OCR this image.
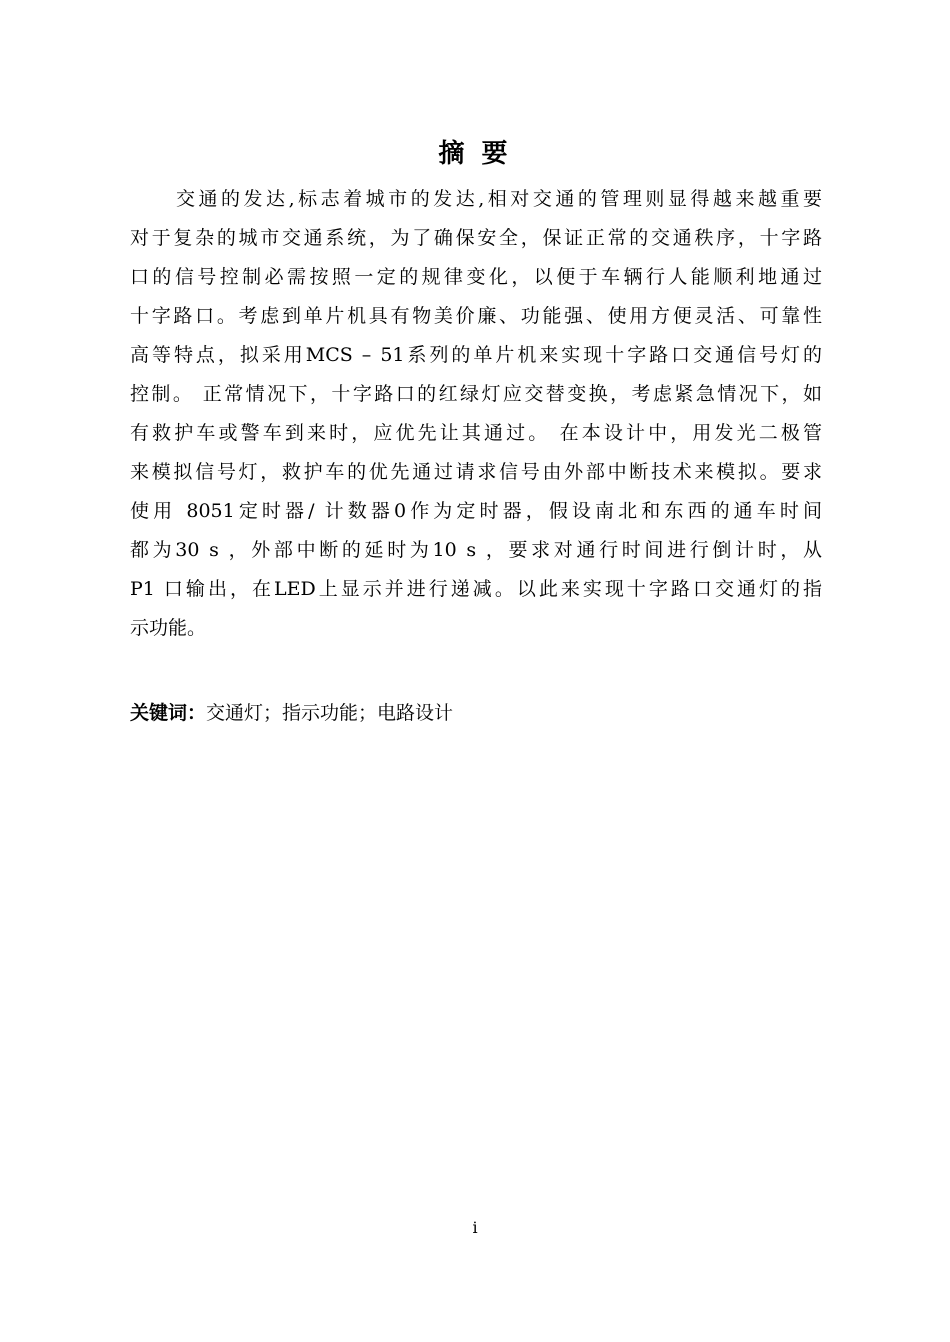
摘 要
交通的发达,标志着城市的发达,相对交通的管理则显得越来越重要
对于复杂的城市交通系统，为了确保安全，保证正常的交通秩序，十字路
口的信号控制必需按照一定的规律变化，以便于车辆行人能顺利地通过
十字路口。考虑到单片机具有物美价廉、功能强、使用方便灵活、可靠性
高等特点，拟采用MCS – 51系列的单片机来实现十字路口交通信号灯的
控制。 正常情况下，十字路口的红绿灯应交替变换，考虑紧急情况下，如
有救护车或警车到来时，应优先让其通过。 在本设计中，用发光二极管
来模拟信号灯，救护车的优先通过请求信号由外部中断技术来模拟。要求
使用 8051定时器/ 计数器0作为定时器，假设南北和东西的通车时间
都为30 s ，外部中断的延时为10 s ，要求对通行时间进行倒计时，从
P1 口输出，在LED上显示并进行递减。以此来实现十字路口交通灯的指
示功能。
关键词：交通灯；指示功能；电路设计
i
